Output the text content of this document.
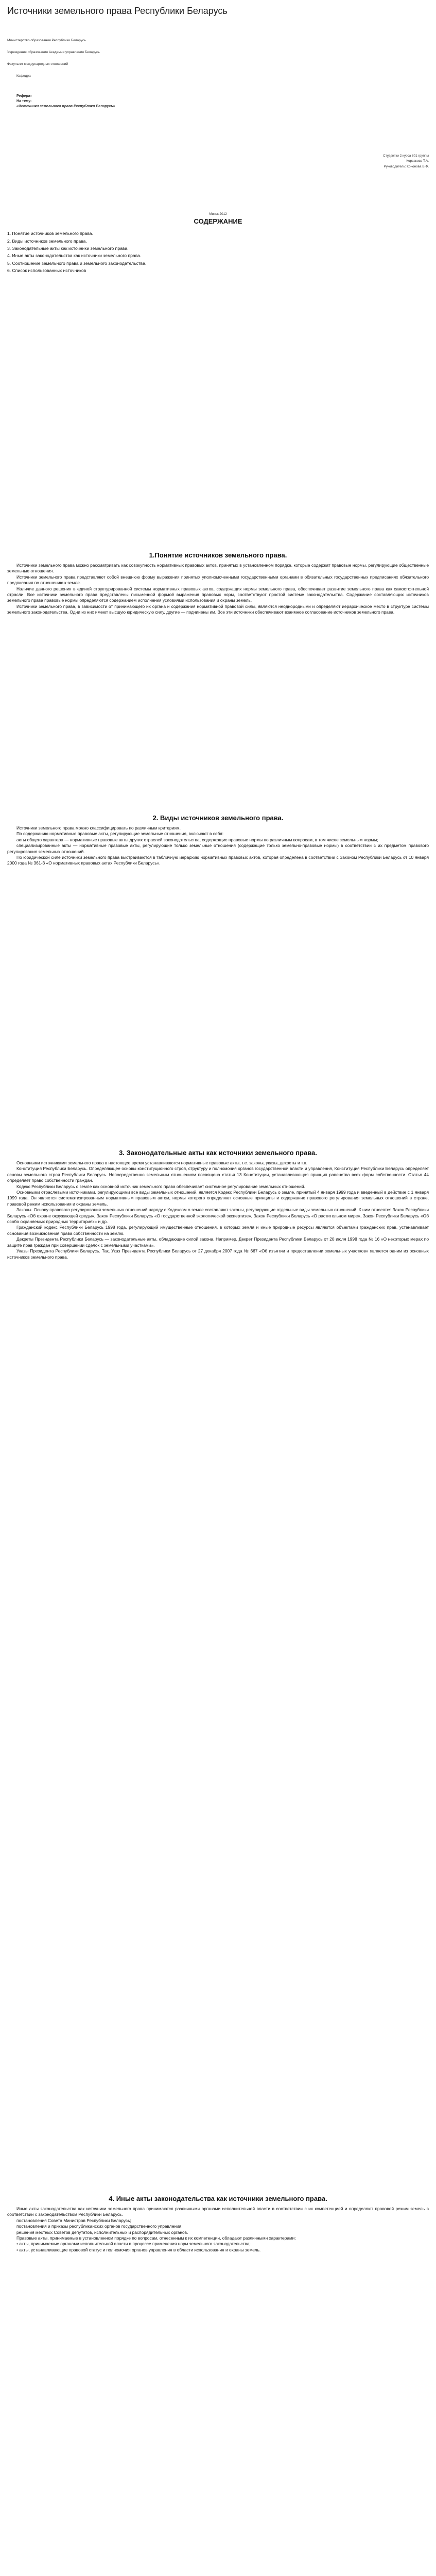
Источники земельного права Республики Беларусь

Министерство образования Республики Беларусь

Учреждение образования Академия управления Беларусь

Факультет международных отношений

Кафедра

Реферат

На тему:

«Источники земельного права Республики Беларусь»

Студентки 2 курса 801 группы
Корсакова Т.А.
Руководитель: Кононова В.Ф.
Минск 2012
СОДЕРЖАНИЕ

1. Понятие источников земельного права.

2. Виды источников земельного права.

3. Законодательные акты как источники земельного права.

4. Иные акты законодательства как источники земельного права.

5. Соотношение земельного права и земельного законодательства.

6. Список использованных источников

1.Понятие источников земельного права.

Источники земельного права можно рассматривать как совокупность нормативных правовых актов, принятых в установленном порядке, которые содержат правовые нормы, регулирующие общественные земельные отношения.

Источники земельного права представляют собой внешнюю форму выражения принятых уполномоченными государственными органами в обязательных государственных предписаниях обязательного предписания по отношению к земле.

Наличие данного решения в единой структурированной системы нормативных правовых актов, содержащих нормы земельного права, обеспечивает развитие земельного права как самостоятельной отрасли. Все источники земельного права представлены письменной формой выражения правовых норм, соответствуют простой системе законодательства. Содержание составляющих источников земельного права правовые нормы определяются содержанием исполнения условиями использования и охраны земель.

Источники земельного права, в зависимости от принимающего их органа и содержания нормативной правовой силы, являются неоднородными и определяют иерархическое место в структуре системы земельного законодательства. Одни из них имеют высшую юридическую силу, другие — подчинены им. Все эти источники обеспечивают взаимное согласование источников земельного права.

2. Виды источников земельного права.

Источники земельного права можно классифицировать по различным критериям.

По содержанию нормативные правовые акты, регулирующие земельные отношения, включают в себя:

акты общего характера — нормативные правовые акты других отраслей законодательства, содержащие правовые нормы по различным вопросам, в том числе земельным нормы;

специализированные акты — нормативные правовые акты, регулирующие только земельные отношения (содержащие только земельно-правовые нормы) в соответствии с их предметом правового регулирования земельных отношений.

По юридической силе источники земельного права выстраиваются в табличную иерархию нормативных правовых актов, которая определена в соответствии с Законом Республики Беларусь от 10 января 2000 года № 361-З «О нормативных правовых актах Республики Беларусь».

3. Законодательные акты как источники земельного права.

Основными источниками земельного права в настоящее время устанавливаются нормативные правовые акты, т.е. законы, указы, декреты и т.п.

Конституция Республики Беларусь. Определяющее основы конституционного строя, структуру и полномочия органов государственной власти и управления, Конституция Республики Беларусь определяет основы земельного строя Республики Беларусь. Непосредственно земельным отношениям посвящена статья 13 Конституции, устанавливающая принцип равенства всех форм собственности. Статья 44 определяет право собственности граждан.

Кодекс Республики Беларусь о земле как основной источник земельного права обеспечивает системное регулирование земельных отношений.

Основными отраслевыми источниками, регулирующими все виды земельных отношений, является Кодекс Республики Беларусь о земле, принятый 4 января 1999 года и введенный в действие с 1 января 1999 года. Он является систематизированным нормативным правовым актом, нормы которого определяют основные принципы и содержание правового регулирования земельных отношений в стране, правовой режим использования и охраны земель.

Законы. Основу правового регулирования земельных отношений наряду с Кодексом о земле составляют законы, регулирующие отдельные виды земельных отношений. К ним относятся Закон Республики Беларусь «Об охране окружающей среды», Закон Республики Беларусь «О государственной экологической экспертизе», Закон Республики Беларусь «О растительном мире», Закон Республики Беларусь «Об особо охраняемых природных территориях» и др.

Гражданский кодекс Республики Беларусь 1998 года, регулирующий имущественные отношения, в которых земля и иные природные ресурсы являются объектами гражданских прав, устанавливает основания возникновения права собственности на землю.

Декреты Президента Республики Беларусь — законодательные акты, обладающие силой закона. Например, Декрет Президента Республики Беларусь от 20 июля 1998 года № 16 «О некоторых мерах по защите прав граждан при совершении сделок с земельными участками».

Указы Президента Республики Беларусь. Так, Указ Президента Республики Беларусь от 27 декабря 2007 года № 667 «Об изъятии и предоставлении земельных участков» является одним из основных источников земельного права.

4. Иные акты законодательства как источники земельного права.

Иные акты законодательства как источники земельного права принимаются различными органами исполнительной власти в соответствии с их компетенцией и определяют правовой режим земель в соответствии с законодательством Республики Беларусь.

постановления Совета Министров Республики Беларусь;

постановления и приказы республиканских органов государственного управления;

решения местных Советов депутатов, исполнительных и распорядительных органов.

Правовые акты, принимаемые в установленном порядке по вопросам, отнесенным к их компетенции, обладают различными характерами:

• акты, принимаемые органами исполнительной власти в процессе применения норм земельного законодательства;

• акты, устанавливающие правовой статус и полномочия органов управления в области использования и охраны земель.
